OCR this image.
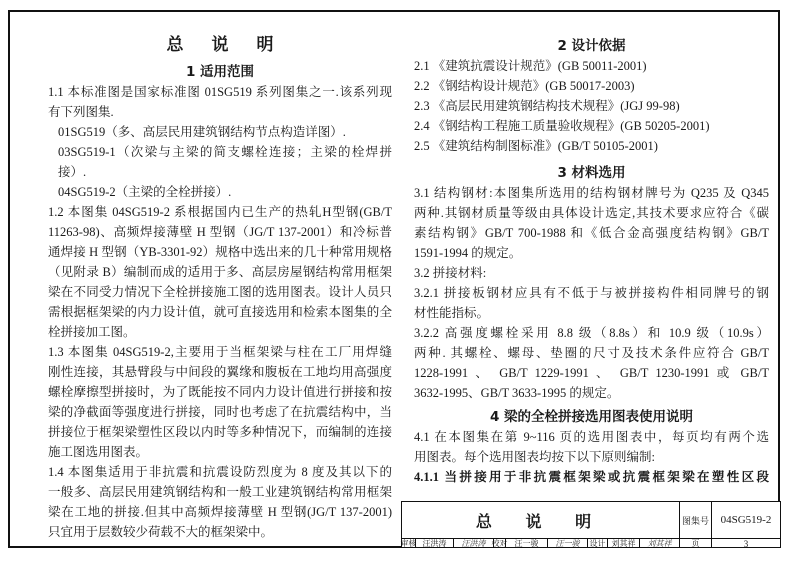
总说明
1 适用范围
1.1 本标准图是国家标准图 01SG519 系列图集之一.该系列现
有下列图集.
01SG519（多、高层民用建筑钢结构节点构造详图）.
03SG519-1（次梁与主梁的简支螺栓连接；主梁的栓焊拼接）.
04SG519-2（主梁的全栓拼接）.
1.2 本图集 04SG519-2 系根据国内已生产的热轧H型钢(GB/T
11263-98)、高频焊接薄壁 H 型钢（JG/T 137-2001）和冷标普
通焊接 H 型钢（YB-3301-92）规格中选出来的几十种常用规格
（见附录 B）编制而成的适用于多、高层房屋钢结构常用框架
梁在不同受力情况下全栓拼接施工图的选用图表。设计人员只
需根据框架梁的内力设计值，就可直接选用和检索本图集的全
栓拼接加工图。
1.3 本图集 04SG519-2,主要用于当框架梁与柱在工厂用焊缝
刚性连接，其悬臂段与中间段的翼缘和腹板在工地均用高强度
螺栓摩擦型拼接时，为了既能按不同内力设计值进行拼接和按
梁的净截面等强度进行拼接，同时也考虑了在抗震结构中，当
拼接位于框架梁塑性区段以内时等多种情况下，而编制的连接
施工图选用图表。
1.4 本图集适用于非抗震和抗震设防烈度为 8 度及其以下的
一般多、高层民用建筑钢结构和一般工业建筑钢结构常用框架
梁在工地的拼接.但其中高频焊接薄壁 H 型钢(JG/T 137-2001)
只宜用于层数较少荷载不大的框架梁中。
2 设计依据
2.1 《建筑抗震设计规范》(GB 50011-2001)
2.2 《钢结构设计规范》(GB 50017-2003)
2.3 《高层民用建筑钢结构技术规程》(JGJ 99-98)
2.4 《钢结构工程施工质量验收规程》(GB 50205-2001)
2.5 《建筑结构制图标准》(GB/T 50105-2001)
3 材料选用
3.1 结构钢材:本图集所选用的结构钢材牌号为 Q235 及 Q345
两种.其钢材质量等级由具体设计选定,其技术要求应符合《碳
素结构钢》GB/T 700-1988 和《低合金高强度结构钢》GB/T
1591-1994 的规定。
3.2 拼接材料:
3.2.1 拼接板钢材应具有不低于与被拼接构件相同牌号的钢
材性能指标。
3.2.2 高强度螺栓采用 8.8 级（8.8s）和 10.9 级（10.9s）
两种. 其螺栓、螺母、垫圈的尺寸及技术条件应符合 GB/T
1228-1991 、 GB/T 1229-1991 、 GB/T 1230-1991 或 GB/T
3632-1995、GB/T 3633-1995 的规定。
4 梁的全栓拼接选用图表使用说明
4.1 在本图集在第 9~116 页的选用图表中，每页均有两个选
用图表。每个选用图表均按下以下原则编制:
4.1.1 当拼接用于非抗震框架梁或抗震框架梁在塑性区段
总 说 明	图集号	04SG519-2
审核 汪洪涛	汪洪涛 校对 汪一骏	汪一骏	设计 刘其祥	刘其祥	页	3
